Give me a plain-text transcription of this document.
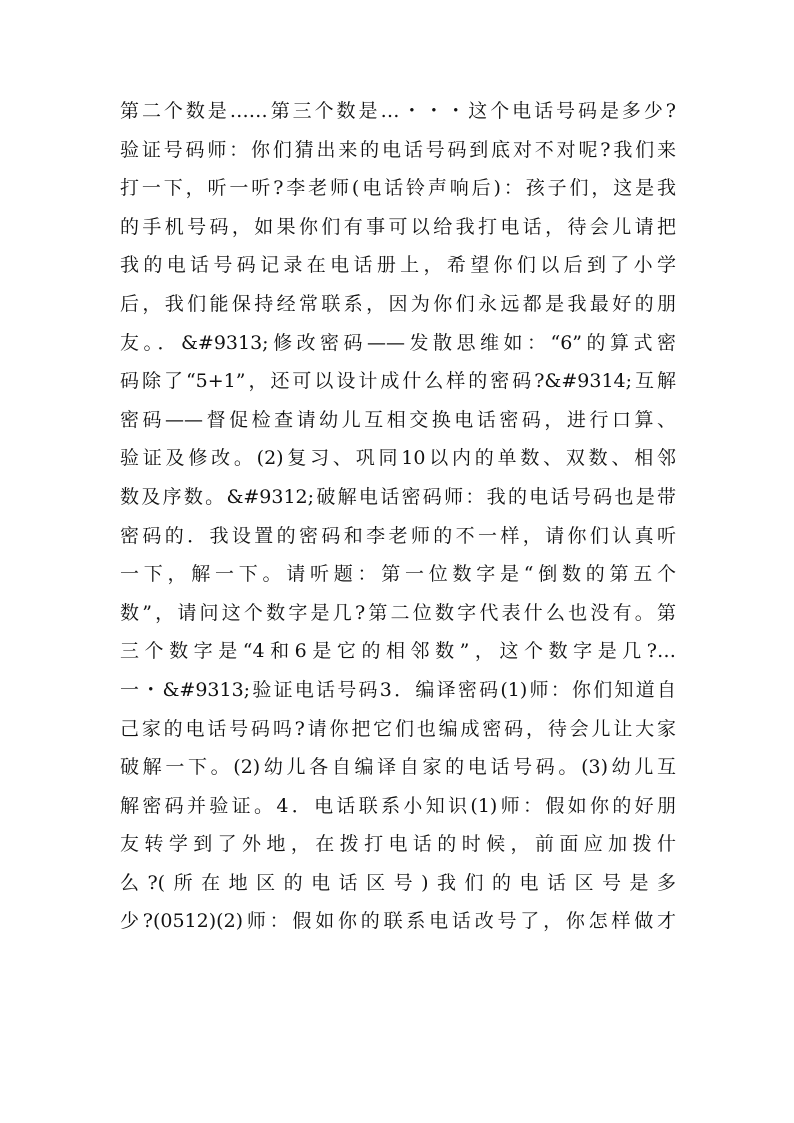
第二个数是……第三个数是…・・・这个电话号码是多少?
验证号码师：你们猜出来的电话号码到底对不对呢?我们来
打一下，听一听?李老师(电话铃声响后)：孩子们，这是我
的手机号码，如果你们有事可以给我打电话，待会儿请把
我的电话号码记录在电话册上，希望你们以后到了小学
后，我们能保持经常联系，因为你们永远都是我最好的朋
友。．&#9313;修改密码——发散思维如：“6”的算式密
码除了“5+1”，还可以设计成什么样的密码?&#9314;互解
密码——督促检查请幼儿互相交换电话密码，进行口算、
验证及修改。(2)复习、巩同10以内的单数、双数、相邻
数及序数。&#9312;破解电话密码师：我的电话号码也是带
密码的．我设置的密码和李老师的不一样，请你们认真听
一下，解一下。请听题：第一位数字是“倒数的第五个
数”，请问这个数字是几?第二位数字代表什么也没有。第
三个数字是“4和6是它的相邻数”，这个数字是几?…
一・&#9313;验证电话号码3．编译密码(1)师：你们知道自
己家的电话号码吗?请你把它们也编成密码，待会儿让大家
破解一下。(2)幼儿各自编译自家的电话号码。(3)幼儿互
解密码并验证。4．电话联系小知识(1)师：假如你的好朋
友转学到了外地，在拨打电话的时候，前面应加拨什
么?(所在地区的电话区号)我们的电话区号是多
少?(0512)(2)师：假如你的联系电话改号了，你怎样做才
